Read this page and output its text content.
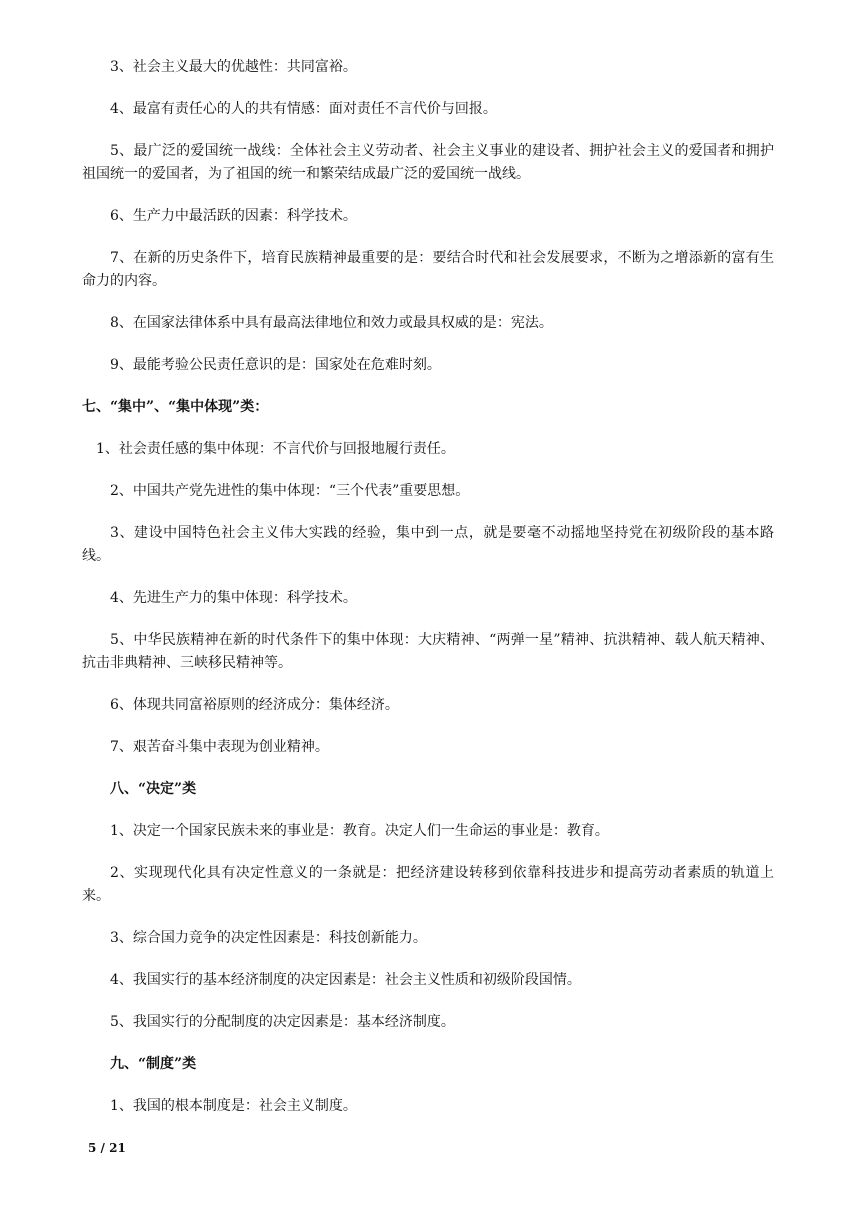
3、社会主义最大的优越性：共同富裕。

4、最富有责任心的人的共有情感：面对责任不言代价与回报。

5、最广泛的爱国统一战线：全体社会主义劳动者、社会主义事业的建设者、拥护社会主义的爱国者和拥护祖国统一的爱国者，为了祖国的统一和繁荣结成最广泛的爱国统一战线。

6、生产力中最活跃的因素：科学技术。

7、在新的历史条件下，培育民族精神最重要的是：要结合时代和社会发展要求，不断为之增添新的富有生命力的内容。

8、在国家法律体系中具有最高法律地位和效力或最具权威的是：宪法。

9、最能考验公民责任意识的是：国家处在危难时刻。

七、“集中”、“集中体现”类：

1、社会责任感的集中体现：不言代价与回报地履行责任。

2、中国共产党先进性的集中体现：“三个代表”重要思想。

3、建设中国特色社会主义伟大实践的经验，集中到一点，就是要毫不动摇地坚持党在初级阶段的基本路线。

4、先进生产力的集中体现：科学技术。

5、中华民族精神在新的时代条件下的集中体现：大庆精神、“两弹一星”精神、抗洪精神、载人航天精神、抗击非典精神、三峡移民精神等。

6、体现共同富裕原则的经济成分：集体经济。

7、艰苦奋斗集中表现为创业精神。

八、“决定”类

1、决定一个国家民族未来的事业是：教育。决定人们一生命运的事业是：教育。

2、实现现代化具有决定性意义的一条就是：把经济建设转移到依靠科技进步和提高劳动者素质的轨道上来。

3、综合国力竞争的决定性因素是：科技创新能力。

4、我国实行的基本经济制度的决定因素是：社会主义性质和初级阶段国情。

5、我国实行的分配制度的决定因素是：基本经济制度。

九、“制度”类

1、我国的根本制度是：社会主义制度。

5 / 21
